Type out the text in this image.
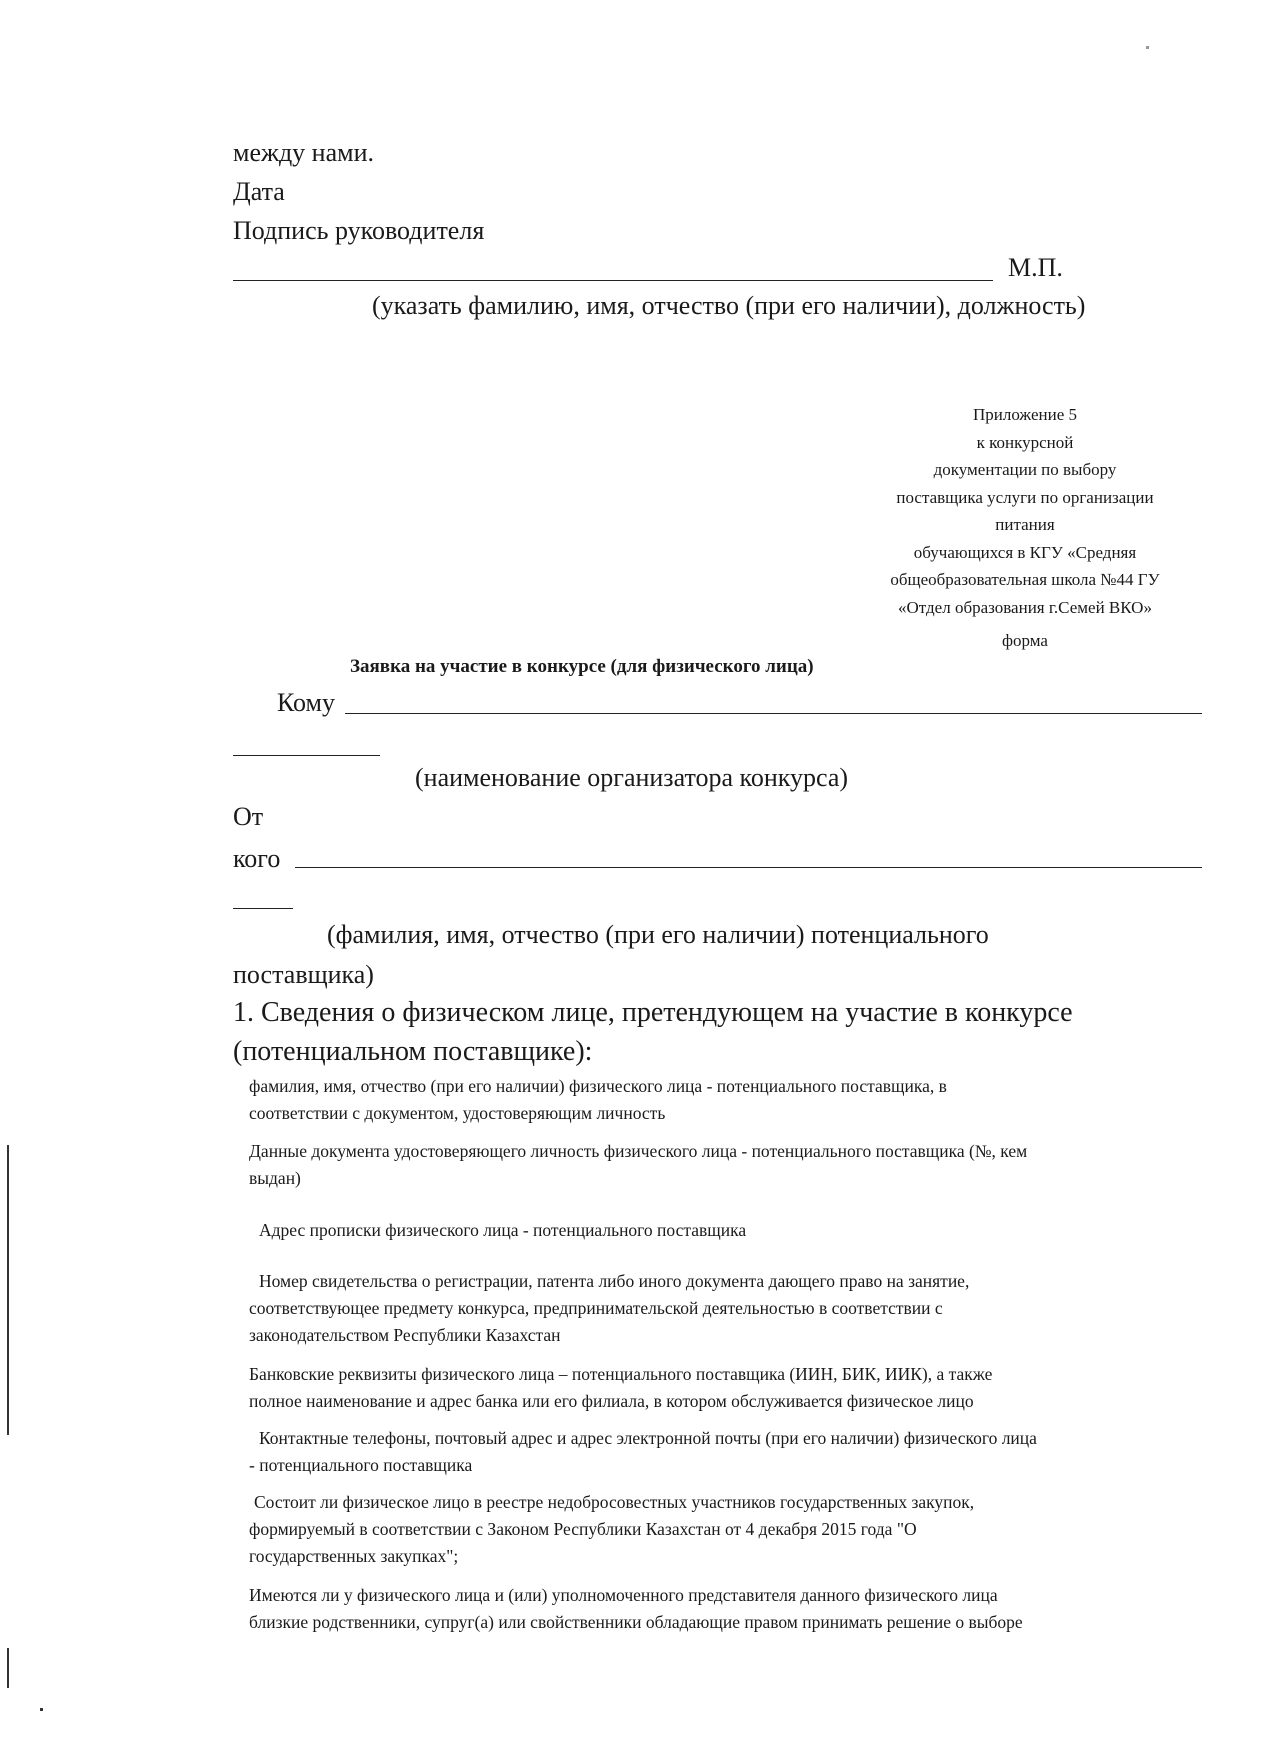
между нами.
Дата
Подпись руководителя
М.П.
(указать фамилию, имя, отчество (при его наличии), должность)
Приложение 5
к конкурсной
документации по выбору
поставщика услуги по организации
питания
обучающихся в КГУ «Средняя
общеобразовательная школа №44 ГУ
«Отдел образования г.Семей ВКО»
форма
Заявка на участие в конкурсе (для физического лица)
Кому
(наименование организатора конкурса)
От
кого
(фамилия, имя, отчество (при его наличии) потенциального
поставщика)
1. Сведения о физическом лице, претендующем на участие в конкурсе
(потенциальном поставщике):
фамилия, имя, отчество (при его наличии) физического лица - потенциального поставщика, в
соответствии с документом, удостоверяющим личность
Данные документа удостоверяющего личность физического лица - потенциального поставщика (№, кем
выдан)
Адрес прописки физического лица - потенциального поставщика
Номер свидетельства о регистрации, патента либо иного документа дающего право на занятие,
соответствующее предмету конкурса, предпринимательской деятельностью в соответствии с
законодательством Республики Казахстан
Банковские реквизиты физического лица – потенциального поставщика (ИИН, БИК, ИИК), а также
полное наименование и адрес банка или его филиала, в котором обслуживается физическое лицо
Контактные телефоны, почтовый адрес и адрес электронной почты (при его наличии) физического лица
- потенциального поставщика
Состоит ли физическое лицо в реестре недобросовестных участников государственных закупок,
формируемый в соответствии с Законом Республики Казахстан от 4 декабря 2015 года "О
государственных закупках";
Имеются ли у физического лица и (или) уполномоченного представителя данного физического лица
близкие родственники, супруг(а) или свойственники обладающие правом принимать решение о выборе
